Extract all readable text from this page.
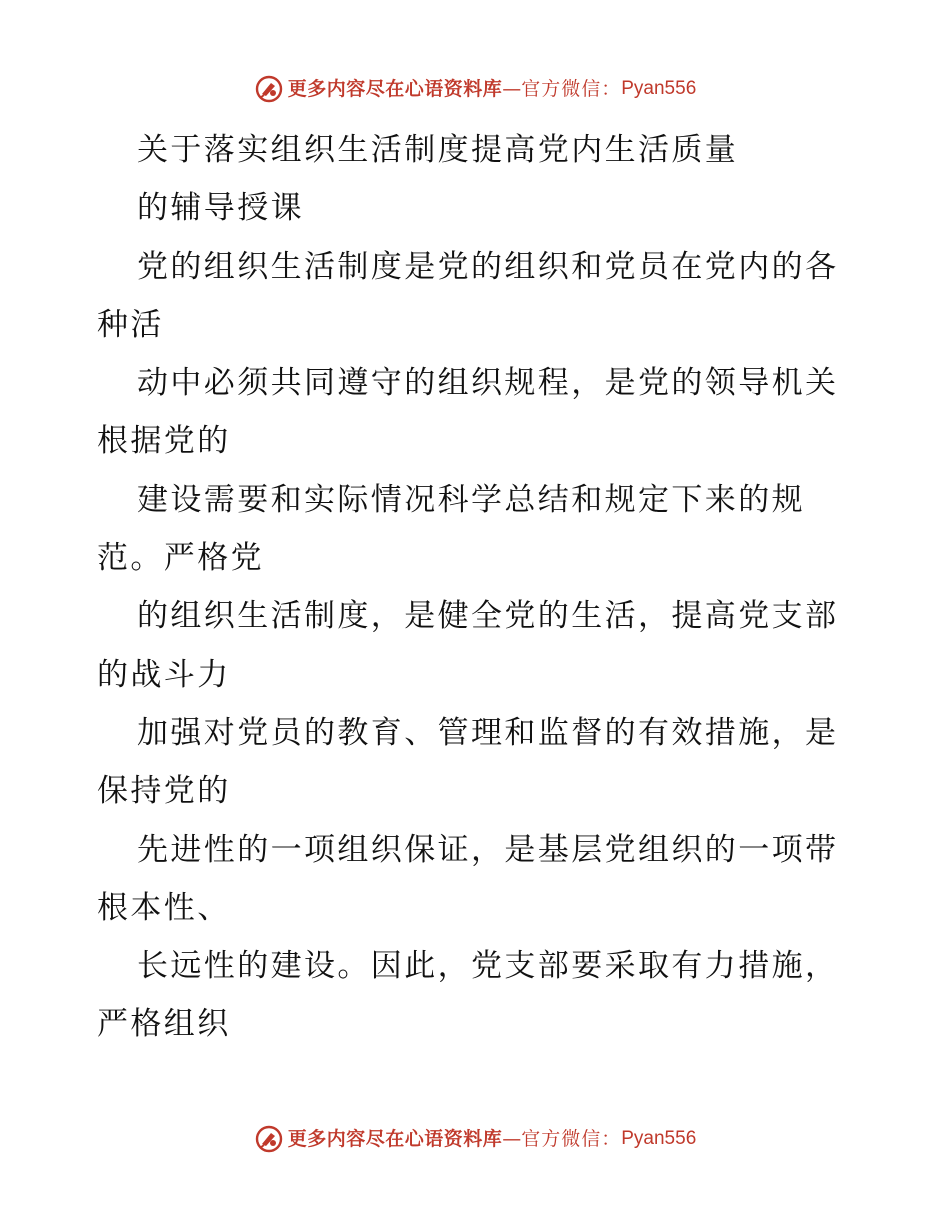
更多内容尽在心语资料库 — 官方微信： Pyan556
关于落实组织生活制度提高党内生活质量
的辅导授课
党的组织生活制度是党的组织和党员在党内的各
种活
动中必须共同遵守的组织规程，是党的领导机关
根据党的
建设需要和实际情况科学总结和规定下来的规
范。严格党
的组织生活制度，是健全党的生活，提高党支部
的战斗力
加强对党员的教育、管理和监督的有效措施，是
保持党的
先进性的一项组织保证，是基层党组织的一项带
根本性、
长远性的建设。因此，党支部要采取有力措施，
严格组织
更多内容尽在心语资料库 — 官方微信： Pyan556
